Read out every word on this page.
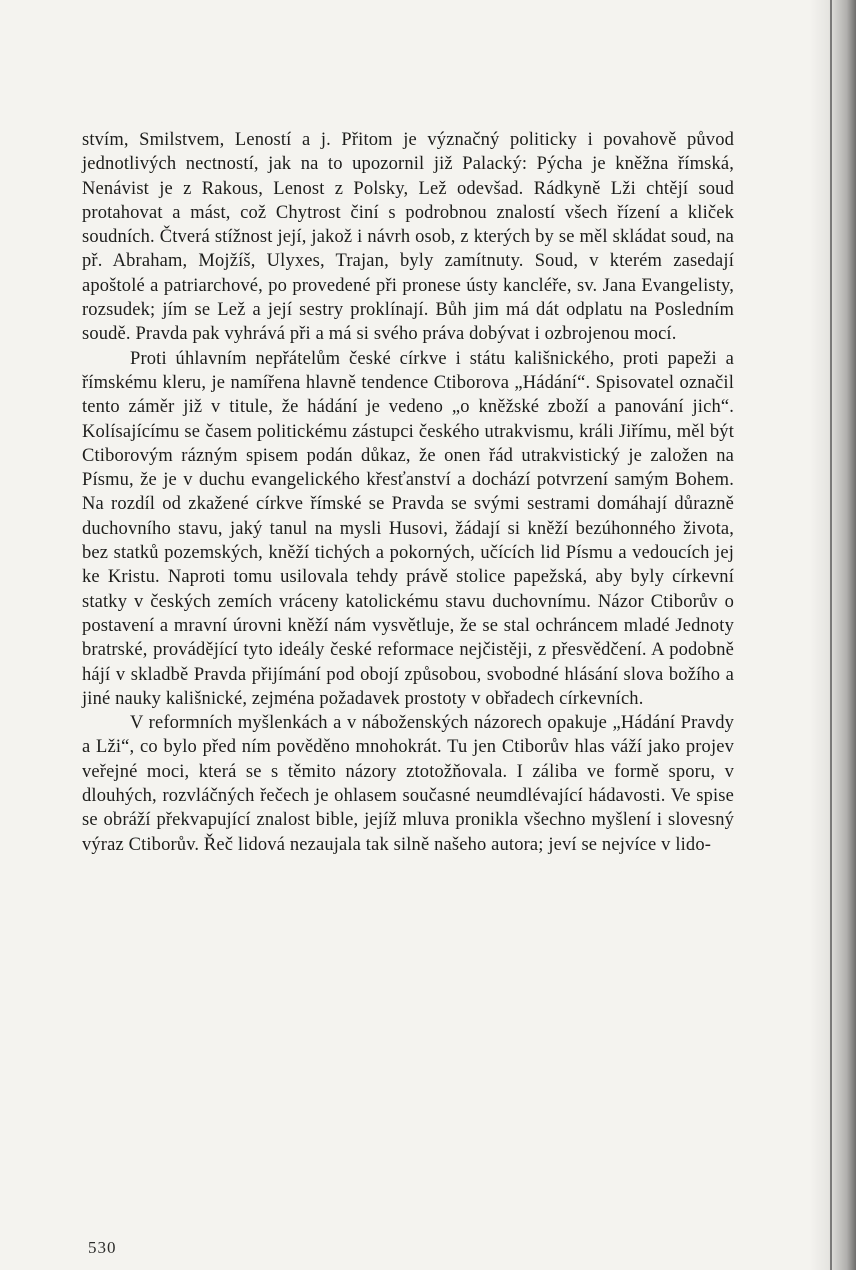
stvím, Smilstvem, Leností a j. Přitom je význačný politicky i povahově původ jednotlivých nectností, jak na to upozornil již Palacký: Pýcha je kněžna římská, Nenávist je z Rakous, Lenost z Polsky, Lež odevšad. Rádkyně Lži chtějí soud protahovat a mást, což Chytrost činí s podrobnou znalostí všech řízení a kliček soudních. Čtverá stížnost její, jakož i návrh osob, z kterých by se měl skládat soud, na př. Abraham, Mojžíš, Ulyxes, Trajan, byly zamítnuty. Soud, v kterém zasedají apoštolé a patriarchové, po provedené při pronese ústy kancléře, sv. Jana Evangelisty, rozsudek; jím se Lež a její sestry proklínají. Bůh jim má dát odplatu na Posledním soudě. Pravda pak vyhrává při a má si svého práva dobývat i ozbrojenou mocí.

Proti úhlavním nepřátelům české církve i státu kališnického, proti papeži a římskému kleru, je namířena hlavně tendence Ctiborova „Hádání“. Spisovatel označil tento záměr již v titule, že hádání je vedeno „o kněžské zboží a panování jich“. Kolísajícímu se časem politickému zástupci českého utrakvismu, králi Jiřímu, měl být Ctiborovým rázným spisem podán důkaz, že onen řád utrakvistický je založen na Písmu, že je v duchu evangelického křesťanství a dochází potvrzení samým Bohem. Na rozdíl od zkažené církve římské se Pravda se svými sestrami domáhají důrazně duchovního stavu, jaký tanul na mysli Husovi, žádají si kněží bezúhonného života, bez statků pozemských, kněží tichých a pokorných, učících lid Písmu a vedoucích jej ke Kristu. Naproti tomu usilovala tehdy právě stolice papežská, aby byly církevní statky v českých zemích vráceny katolickému stavu duchovnímu. Názor Ctiborův o postavení a mravní úrovni kněží nám vysvětluje, že se stal ochráncem mladé Jednoty bratrské, provádějící tyto ideály české reformace nejčistěji, z přesvědčení. A podobně hájí v skladbě Pravda přijímání pod obojí způsobou, svobodné hlásání slova božího a jiné nauky kališnické, zejména požadavek prostoty v obřadech církevních.

V reformních myšlenkách a v náboženských názorech opakuje „Hádání Pravdy a Lži“, co bylo před ním pověděno mnohokrát. Tu jen Ctiborův hlas váží jako projev veřejné moci, která se s těmito názory ztotožňovala. I záliba ve formě sporu, v dlouhých, rozvláčných řečech je ohlasem současné neumdlévající hádavosti. Ve spise se obráží překvapující znalost bible, jejíž mluva pronikla všechno myšlení i slovesný výraz Ctiborův. Řeč lidová nezaujala tak silně našeho autora; jeví se nejvíce v lido-

530
